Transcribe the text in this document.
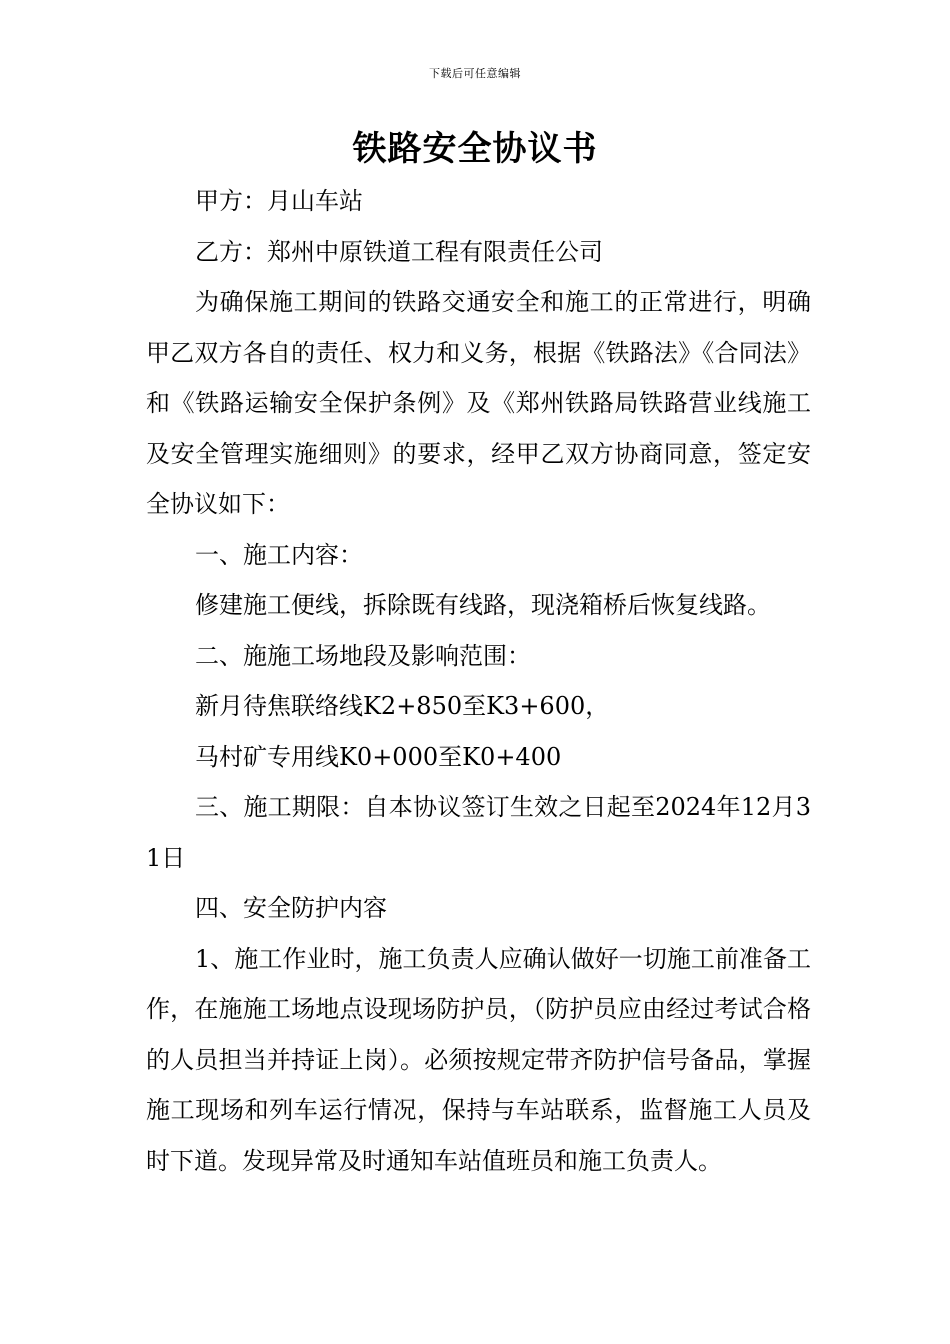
下载后可任意编辑
铁路安全协议书

甲方：月山车站

乙方：郑州中原铁道工程有限责任公司

为确保施工期间的铁路交通安全和施工的正常进行，明确甲乙双方各自的责任、权力和义务，根据《铁路法》《合同法》和《铁路运输安全保护条例》及《郑州铁路局铁路营业线施工及安全管理实施细则》的要求，经甲乙双方协商同意，签定安全协议如下：

一、施工内容：

修建施工便线，拆除既有线路，现浇箱桥后恢复线路。

二、施施工场地段及影响范围：

新月待焦联络线K2+850至K3+600，

马村矿专用线K0+000至K0+400

三、施工期限：自本协议签订生效之日起至2024年12月31日

四、安全防护内容

1、施工作业时，施工负责人应确认做好一切施工前准备工作，在施施工场地点设现场防护员，（防护员应由经过考试合格的人员担当并持证上岗）。必须按规定带齐防护信号备品，掌握施工现场和列车运行情况，保持与车站联系，监督施工人员及时下道。发现异常及时通知车站值班员和施工负责人。
